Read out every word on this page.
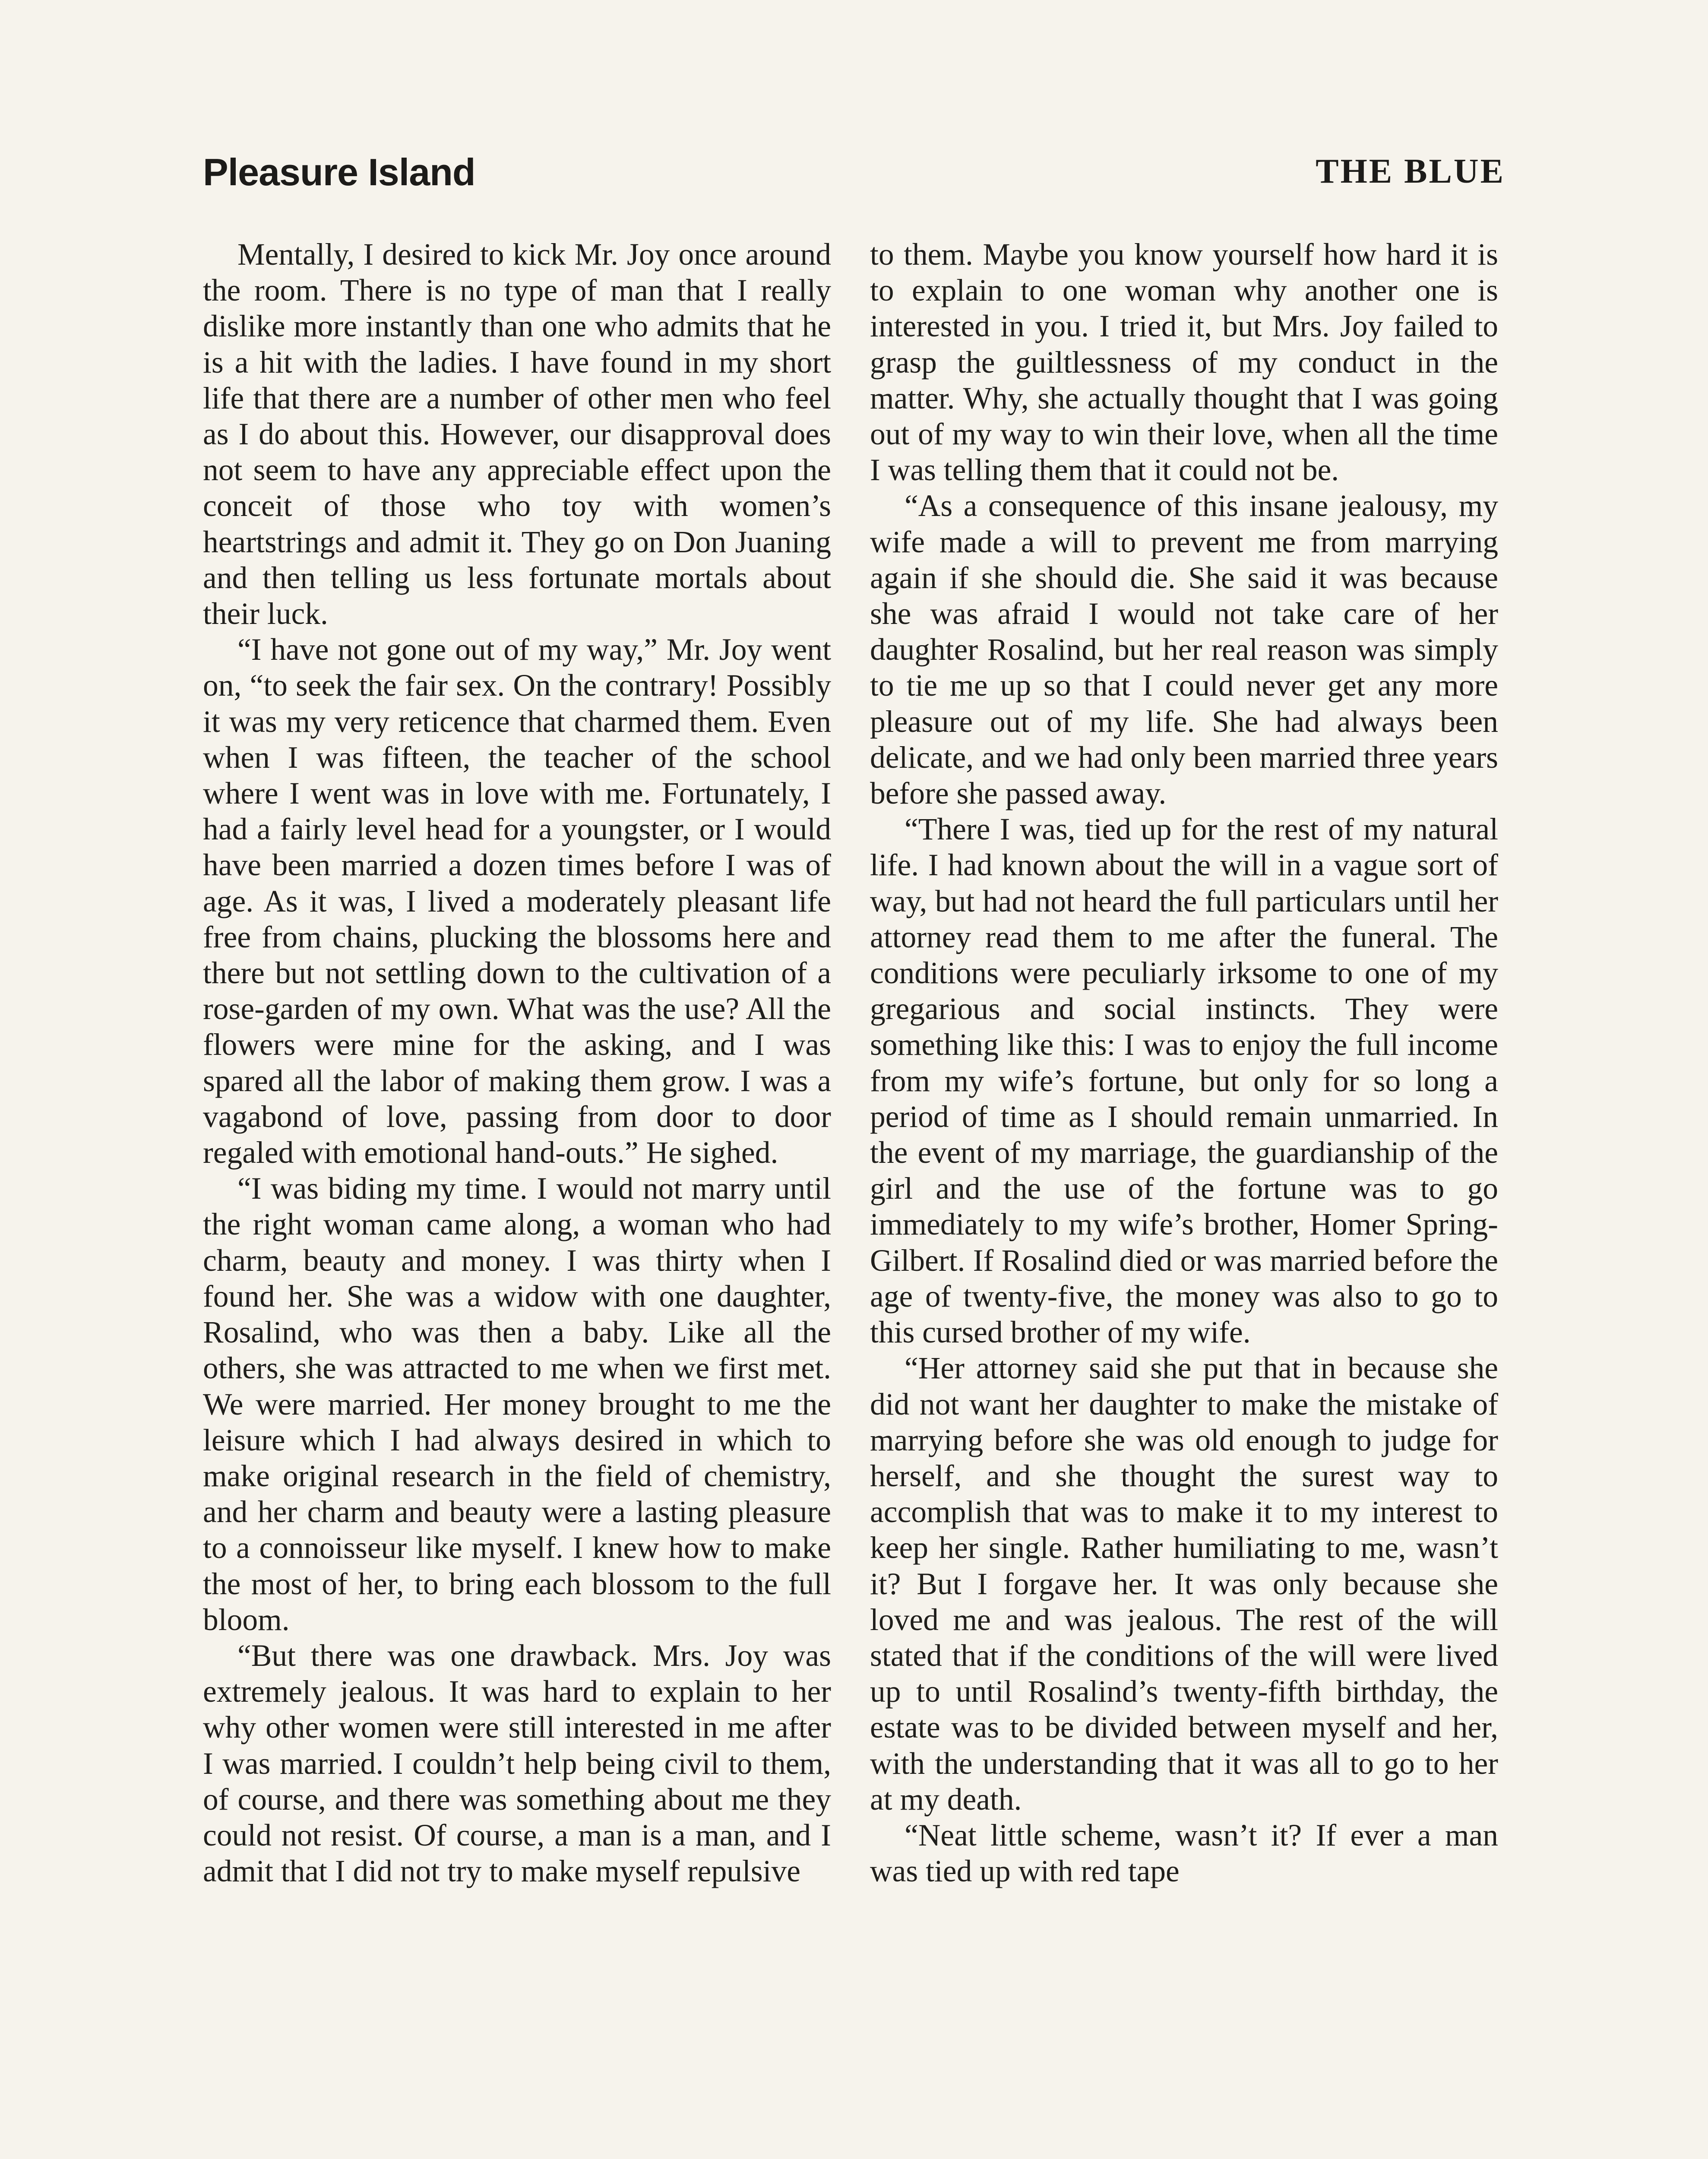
Pleasure Island	THE BLUE

Mentally, I desired to kick Mr. Joy once around the room. There is no type of man that I really dislike more instantly than one who admits that he is a hit with the ladies. I have found in my short life that there are a number of other men who feel as I do about this. However, our disapproval does not seem to have any appreciable effect upon the conceit of those who toy with women’s heartstrings and admit it. They go on Don Juaning and then telling us less fortunate mortals about their luck.

“I have not gone out of my way,” Mr. Joy went on, “to seek the fair sex. On the contrary! Possibly it was my very reticence that charmed them. Even when I was fifteen, the teacher of the school where I went was in love with me. Fortunately, I had a fairly level head for a youngster, or I would have been married a dozen times before I was of age. As it was, I lived a moderately pleasant life free from chains, plucking the blossoms here and there but not settling down to the cultivation of a rose-garden of my own. What was the use? All the flowers were mine for the asking, and I was spared all the labor of making them grow. I was a vagabond of love, passing from door to door regaled with emotional hand-outs.” He sighed.

“I was biding my time. I would not marry until the right woman came along, a woman who had charm, beauty and money. I was thirty when I found her. She was a widow with one daughter, Rosalind, who was then a baby. Like all the others, she was attracted to me when we first met. We were married. Her money brought to me the leisure which I had always desired in which to make original research in the field of chemistry, and her charm and beauty were a lasting pleasure to a connoisseur like myself. I knew how to make the most of her, to bring each blossom to the full bloom.

“But there was one drawback. Mrs. Joy was extremely jealous. It was hard to explain to her why other women were still interested in me after I was married. I couldn’t help being civil to them, of course, and there was something about me they could not resist. Of course, a man is a man, and I admit that I did not try to make myself repulsive

to them. Maybe you know yourself how hard it is to explain to one woman why another one is interested in you. I tried it, but Mrs. Joy failed to grasp the guiltlessness of my conduct in the matter. Why, she actually thought that I was going out of my way to win their love, when all the time I was telling them that it could not be.

“As a consequence of this insane jealousy, my wife made a will to prevent me from marrying again if she should die. She said it was because she was afraid I would not take care of her daughter Rosalind, but her real reason was simply to tie me up so that I could never get any more pleasure out of my life. She had always been delicate, and we had only been married three years before she passed away.

“There I was, tied up for the rest of my natural life. I had known about the will in a vague sort of way, but had not heard the full particulars until her attorney read them to me after the funeral. The conditions were peculiarly irksome to one of my gregarious and social instincts. They were something like this: I was to enjoy the full income from my wife’s fortune, but only for so long a period of time as I should remain unmarried. In the event of my marriage, the guardianship of the girl and the use of the fortune was to go immediately to my wife’s brother, Homer Spring-Gilbert. If Rosalind died or was married before the age of twenty-five, the money was also to go to this cursed brother of my wife.

“Her attorney said she put that in because she did not want her daughter to make the mistake of marrying before she was old enough to judge for herself, and she thought the surest way to accomplish that was to make it to my interest to keep her single. Rather humiliating to me, wasn’t it? But I forgave her. It was only because she loved me and was jealous. The rest of the will stated that if the conditions of the will were lived up to until Rosalind’s twenty-fifth birthday, the estate was to be divided between myself and her, with the understanding that it was all to go to her at my death.

“Neat little scheme, wasn’t it? If ever a man was tied up with red tape
